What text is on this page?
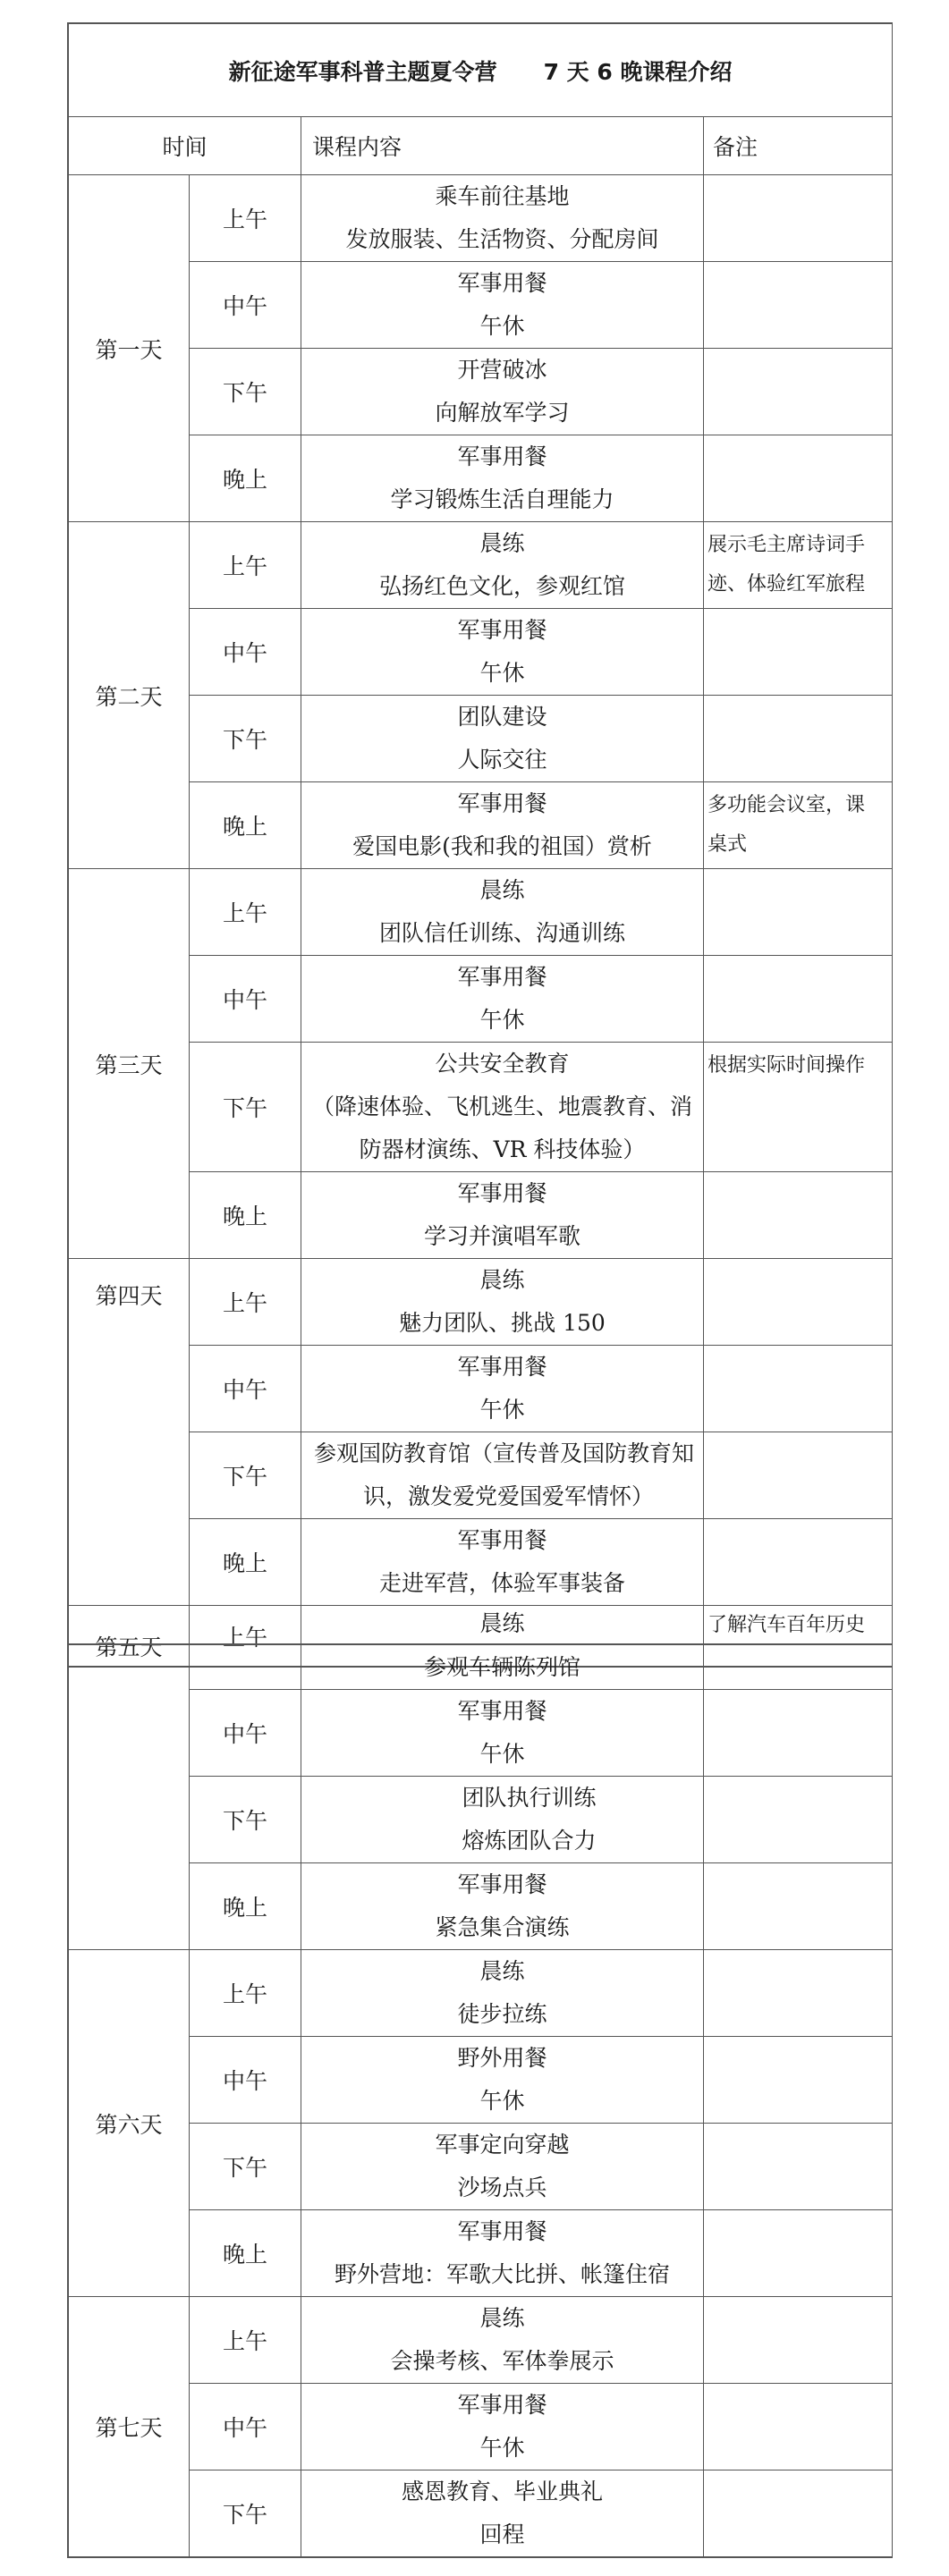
新征途军事科普主题夏令营 7 天 6 晚课程介绍			
时间		课程内容	备注
第一天	上午	乘车前往基地
发放服装、生活物资、分配房间	

	中午	军事用餐
午休	

	下午	开营破冰
向解放军学习	

	晚上	军事用餐
学习锻炼生活自理能力	

第二天	上午	晨练
弘扬红色文化，参观红馆	展示毛主席诗词手
迹、体验红军旅程

	中午	军事用餐
午休	

	下午	团队建设
人际交往	

	晚上	军事用餐
爱国电影(我和我的祖国）赏析	多功能会议室，课
桌式

第三天	上午	晨练
团队信任训练、沟通训练	

	中午	军事用餐
午休	

	下午	公共安全教育
（降速体验、飞机逃生、地震教育、消
防器材演练、VR 科技体验）	根据实际时间操作
	晚上	军事用餐
学习并演唱军歌	

第四天	上午	晨练
魅力团队、挑战 150	

	中午	军事用餐
午休	

	下午	参观国防教育馆（宣传普及国防教育知
识，激发爱党爱国爱军情怀）	

	晚上	军事用餐
走进军营，体验军事装备	

第五天	上午	晨练	了解汽车百年历史
		参观车辆陈列馆	
	中午	军事用餐
午休	

	下午	团队执行训练
熔炼团队合力	

	晚上	军事用餐
紧急集合演练	

第六天	上午	晨练
徒步拉练	

	中午	野外用餐
午休	

	下午	军事定向穿越
沙场点兵	

	晚上	军事用餐
野外营地：军歌大比拼、帐篷住宿	

第七天	上午	晨练
会操考核、军体拳展示	

	中午	军事用餐
午休	

	下午	感恩教育、毕业典礼
回程	
